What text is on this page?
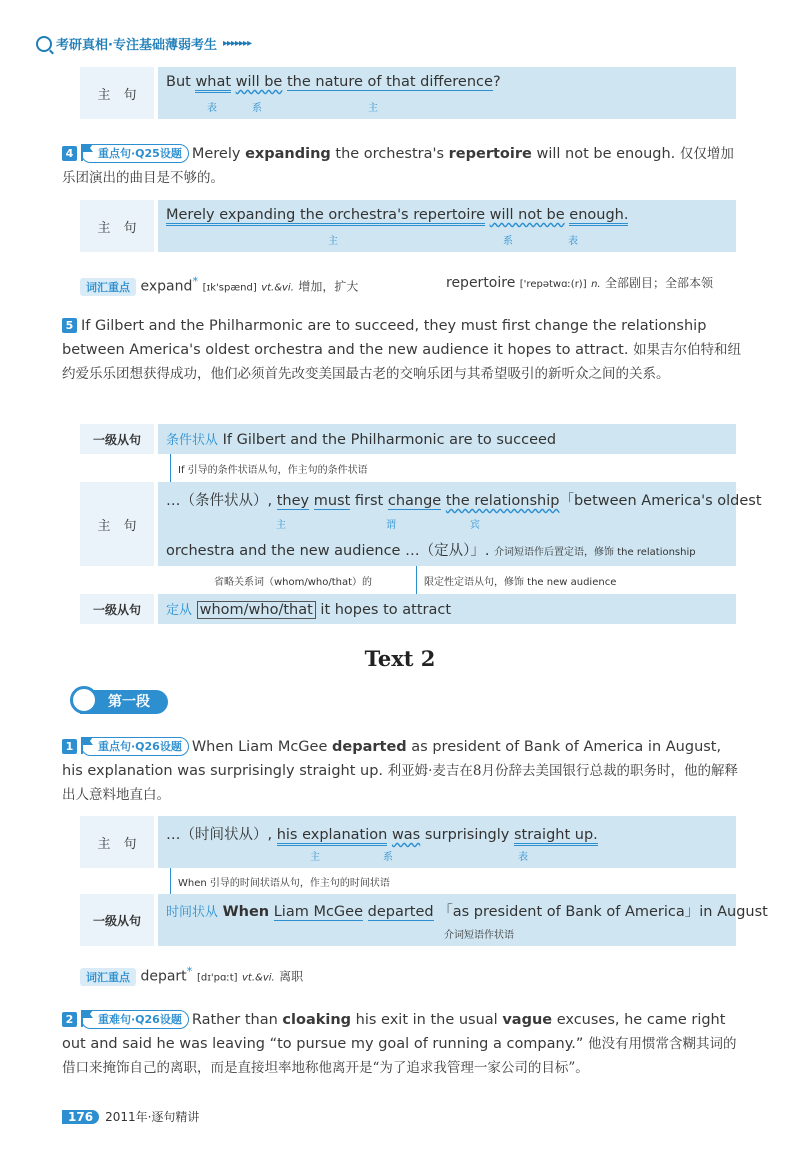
考研真相·专注基础薄弱考生 ▸▸▸▸▸▸▸
主　句
But what will be the nature of that difference?
表	系	主
4 重点句·Q25设题 Merely expanding the orchestra's repertoire will not be enough. 仅仅增加乐团演出的曲目是不够的。
主　句
Merely expanding the orchestra's repertoire will not be enough.
主	系	表
词汇重点 expand* [ɪk'spænd] vt.&vi. 增加，扩大	repertoire ['repətwɑː(r)] n. 全部剧目；全部本领
5 If Gilbert and the Philharmonic are to succeed, they must first change the relationship between America's oldest orchestra and the new audience it hopes to attract. 如果吉尔伯特和纽约爱乐乐团想获得成功，他们必须首先改变美国最古老的交响乐团与其希望吸引的新听众之间的关系。
一级从句	条件状从 If Gilbert and the Philharmonic are to succeed
If 引导的条件状语从句，作主句的条件状语
主　句
…（条件状从）, they must first change the relationship「between America's oldest
主	谓	宾
orchestra and the new audience …（定从）」. 介词短语作后置定语，修饰 the relationship
省略关系词（whom/who/that）的	限定性定语从句，修饰 the new audience
一级从句	定从 whom/who/that it hopes to attract
Text 2
第一段
1 重点句·Q26设题 When Liam McGee departed as president of Bank of America in August, his explanation was surprisingly straight up. 利亚姆·麦吉在8月份辞去美国银行总裁的职务时，他的解释出人意料地直白。
主　句
…（时间状从）, his explanation was surprisingly straight up.
主	系	表
When 引导的时间状语从句，作主句的时间状语
一级从句
时间状从 When Liam McGee departed 「as president of Bank of America」in August
介词短语作状语
词汇重点 depart* [dɪ'pɑːt] vt.&vi. 离职
2 重难句·Q26设题 Rather than cloaking his exit in the usual vague excuses, he came right out and said he was leaving “to pursue my goal of running a company.” 他没有用惯常含糊其词的借口来掩饰自己的离职，而是直接坦率地称他离开是“为了追求我管理一家公司的目标”。
176	2011年·逐句精讲
